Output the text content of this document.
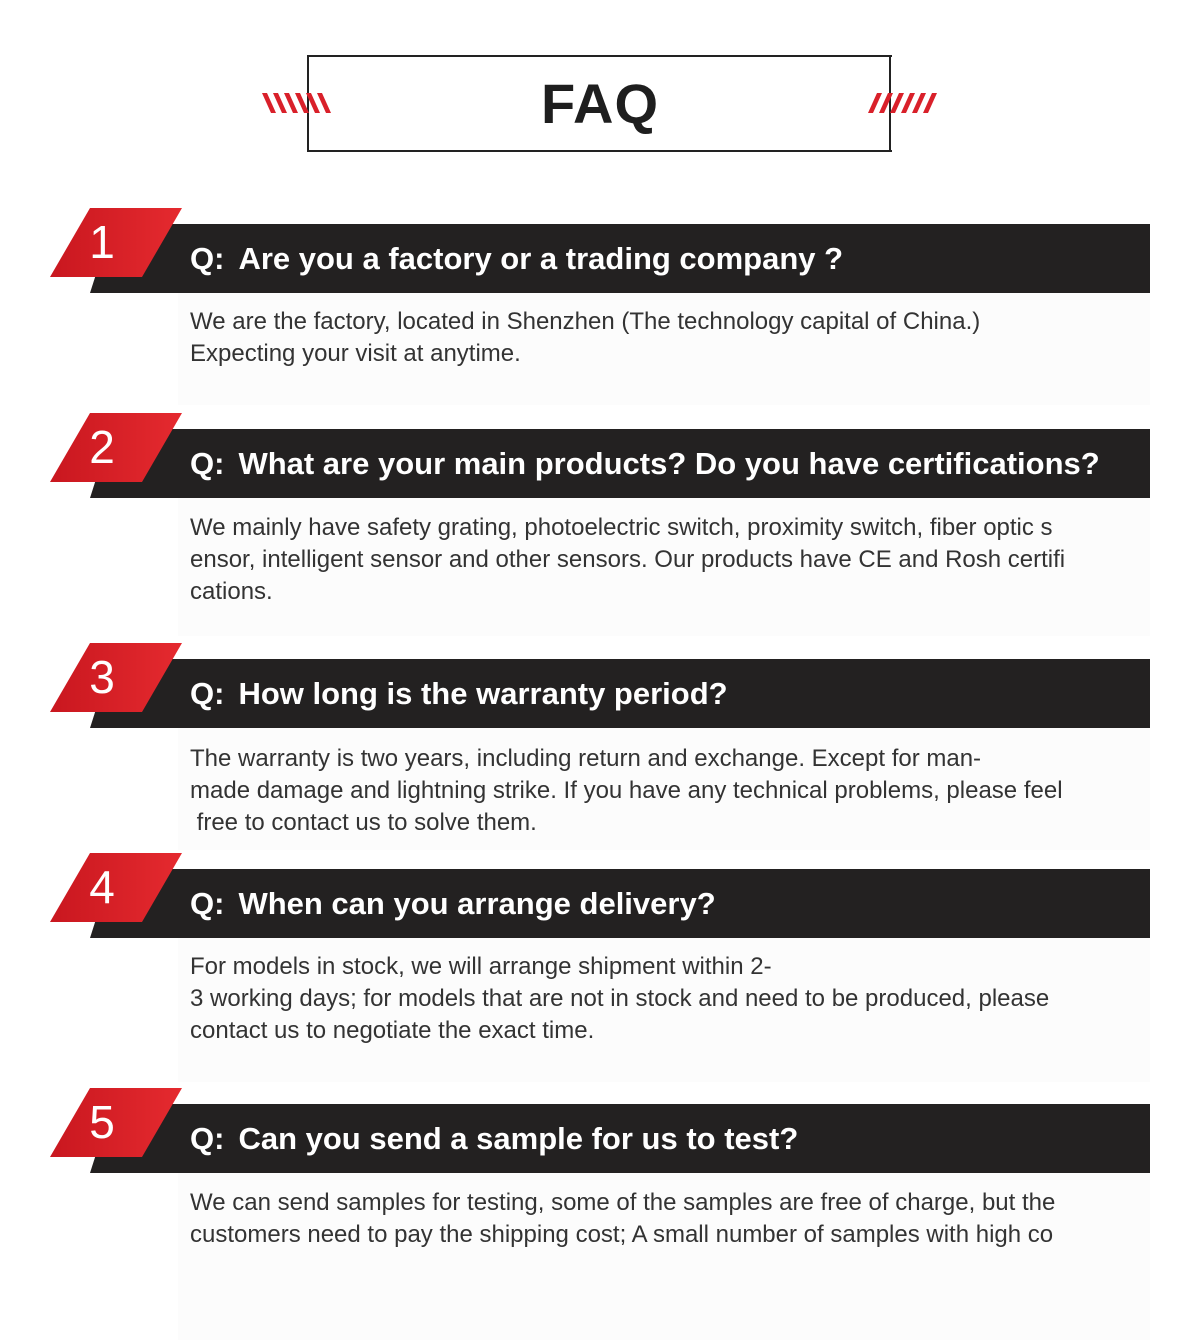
FAQ
1	Q: Are you a factory or a trading company ?
We are the factory, located in Shenzhen (The technology capital of China.)
Expecting your visit at anytime.
2	Q: What are your main products? Do you have certifications?
We mainly have safety grating, photoelectric switch, proximity switch, fiber optic s
ensor, intelligent sensor and other sensors. Our products have CE and Rosh certifi
cations.
3	Q: How long is the warranty period?
The warranty is two years, including return and exchange. Except for man-
made damage and lightning strike. If you have any technical problems, please feel
free to contact us to solve them.
4	Q: When can you arrange delivery?
For models in stock, we will arrange shipment within 2-
3 working days; for models that are not in stock and need to be produced, please
contact us to negotiate the exact time.
5	Q: Can you send a sample for us to test?
We can send samples for testing, some of the samples are free of charge, but the
customers need to pay the shipping cost; A small number of samples with high co
